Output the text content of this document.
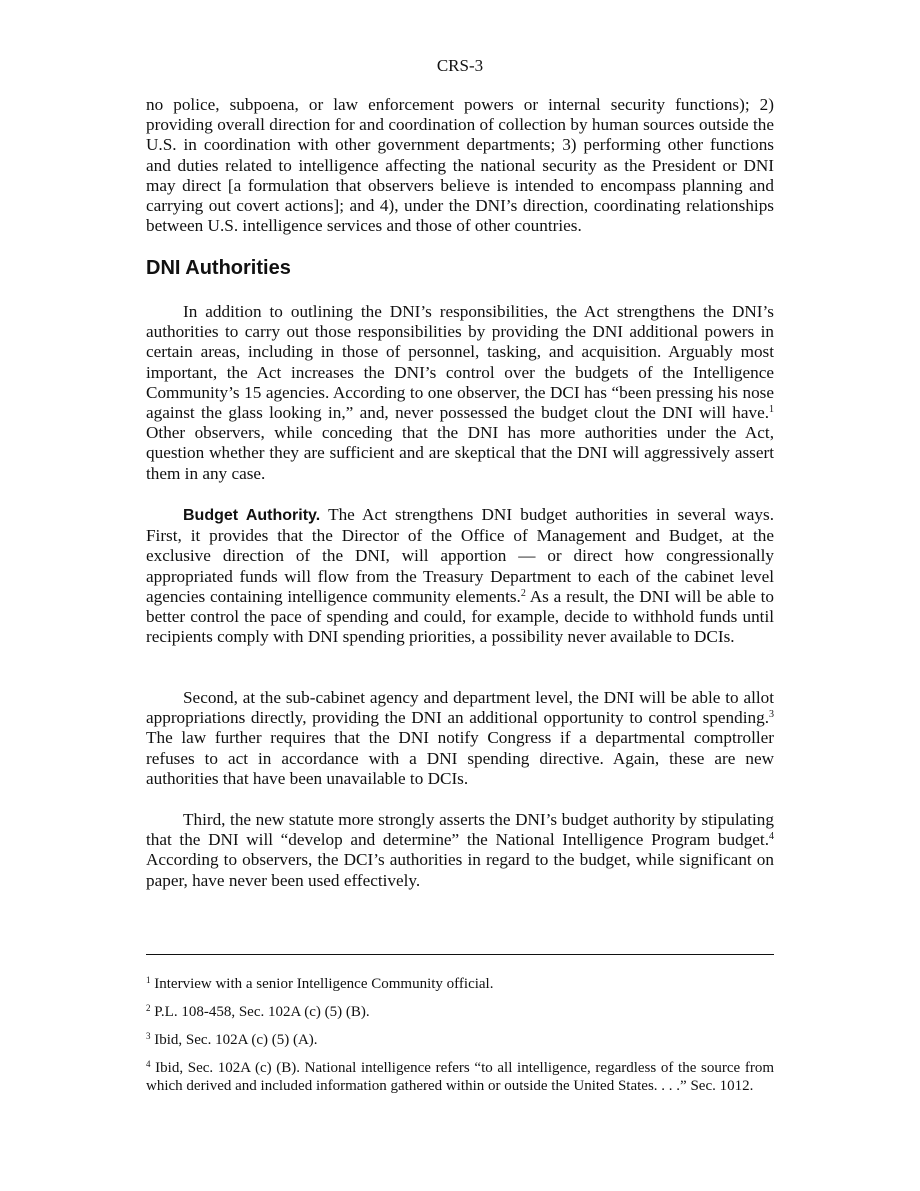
CRS-3

no police, subpoena, or law enforcement powers or internal security functions); 2) providing overall direction for and coordination of collection by human sources outside the U.S. in coordination with other government departments; 3) performing other functions and duties related to intelligence affecting the national security as the President or DNI may direct [a formulation that observers believe is intended to encompass planning and carrying out covert actions]; and 4), under the DNI’s direction, coordinating relationships between U.S. intelligence services and those of other countries.

DNI Authorities

In addition to outlining the DNI’s responsibilities, the Act strengthens the DNI’s authorities to carry out those responsibilities by providing the DNI additional powers in certain areas, including in those of personnel, tasking, and acquisition. Arguably most important, the Act increases the DNI’s control over the budgets of the Intelligence Community’s 15 agencies. According to one observer, the DCI has “been pressing his nose against the glass looking in,” and, never possessed the budget clout the DNI will have.$^1$ Other observers, while conceding that the DNI has more authorities under the Act, question whether they are sufficient and are skeptical that the DNI will aggressively assert them in any case.

Budget Authority. The Act strengthens DNI budget authorities in several ways. First, it provides that the Director of the Office of Management and Budget, at the exclusive direction of the DNI, will apportion — or direct how congressionally appropriated funds will flow from the Treasury Department to each of the cabinet level agencies containing intelligence community elements.$^2$ As a result, the DNI will be able to better control the pace of spending and could, for example, decide to withhold funds until recipients comply with DNI spending priorities, a possibility never available to DCIs.

Second, at the sub-cabinet agency and department level, the DNI will be able to allot appropriations directly, providing the DNI an additional opportunity to control spending.$^3$ The law further requires that the DNI notify Congress if a departmental comptroller refuses to act in accordance with a DNI spending directive. Again, these are new authorities that have been unavailable to DCIs.

Third, the new statute more strongly asserts the DNI’s budget authority by stipulating that the DNI will “develop and determine” the National Intelligence Program budget.$^4$ According to observers, the DCI’s authorities in regard to the budget, while significant on paper, have never been used effectively.

$^1$ Interview with a senior Intelligence Community official.

$^2$ P.L. 108-458, Sec. 102A (c) (5) (B).

$^3$ Ibid, Sec. 102A (c) (5) (A).

$^4$ Ibid, Sec. 102A (c) (B). National intelligence refers “to all intelligence, regardless of the source from which derived and included information gathered within or outside the United States. . . .” Sec. 1012.
